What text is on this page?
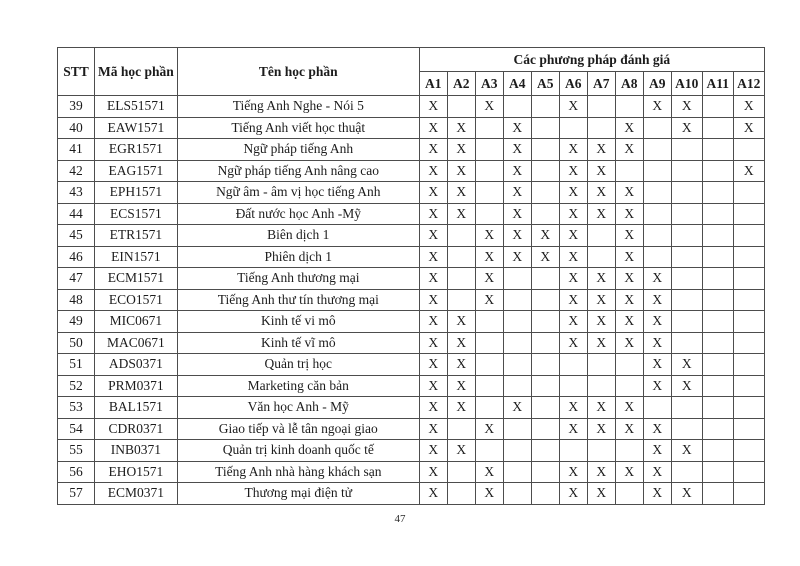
STT	Mã học phần	Tên học phần	Các phương pháp đánh giá											
			A1	A2	A3	A4	A5	A6	A7	A8	A9	A10	A11	A12
39	ELS51571	Tiếng Anh Nghe - Nói 5	X		X			X			X	X		X
40	EAW1571	Tiếng Anh viết học thuật	X	X		X				X		X		X
41	EGR1571	Ngữ pháp tiếng Anh	X	X		X		X	X	X				
42	EAG1571	Ngữ pháp tiếng Anh nâng cao	X	X		X		X	X					X
43	EPH1571	Ngữ âm - âm vị học tiếng Anh	X	X		X		X	X	X				
44	ECS1571	Đất nước học Anh -Mỹ	X	X		X		X	X	X				
45	ETR1571	Biên dịch 1	X		X	X	X	X		X				
46	EIN1571	Phiên dịch 1	X		X	X	X	X		X				
47	ECM1571	Tiếng Anh thương mại	X		X			X	X	X	X			
48	ECO1571	Tiếng Anh thư tín thương mại	X		X			X	X	X	X			
49	MIC0671	Kinh tế vi mô	X	X				X	X	X	X			
50	MAC0671	Kinh tế vĩ mô	X	X				X	X	X	X			
51	ADS0371	Quản trị học	X	X							X	X		
52	PRM0371	Marketing căn bản	X	X							X	X		
53	BAL1571	Văn học Anh - Mỹ	X	X		X		X	X	X				
54	CDR0371	Giao tiếp và lễ tân ngoại giao	X		X			X	X	X	X			
55	INB0371	Quản trị kinh doanh quốc tế	X	X							X	X		
56	EHO1571	Tiếng Anh nhà hàng khách sạn	X		X			X	X	X	X			
57	ECM0371	Thương mại điện tử	X		X			X	X		X	X		
47
